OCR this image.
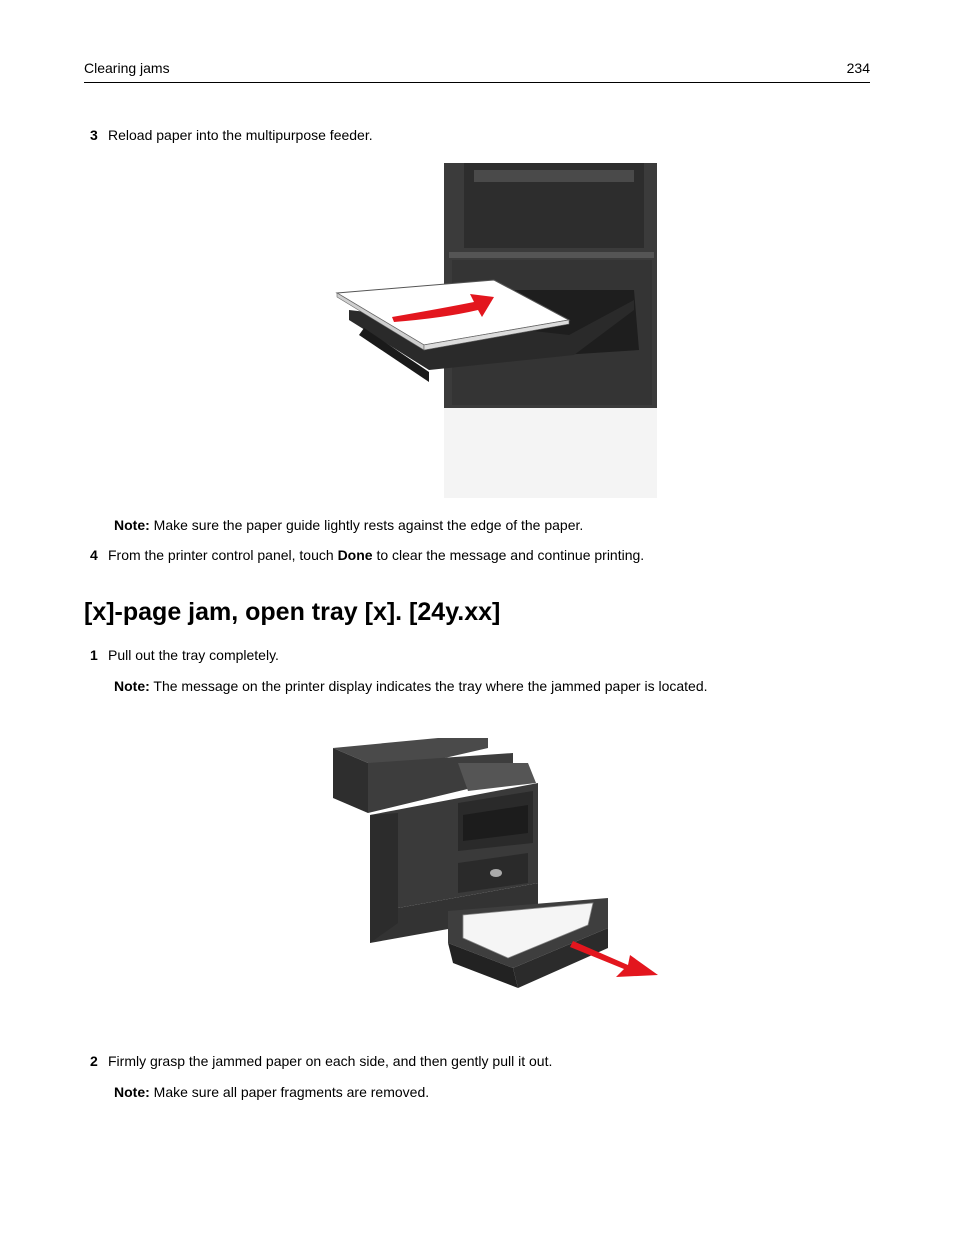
Clearing jams	234
3 Reload paper into the multipurpose feeder.
Note: Make sure the paper guide lightly rests against the edge of the paper.
4 From the printer control panel, touch Done to clear the message and continue printing.
[x]-page jam, open tray [x]. [24y.xx]
1 Pull out the tray completely.
Note: The message on the printer display indicates the tray where the jammed paper is located.
2 Firmly grasp the jammed paper on each side, and then gently pull it out.
Note: Make sure all paper fragments are removed.
